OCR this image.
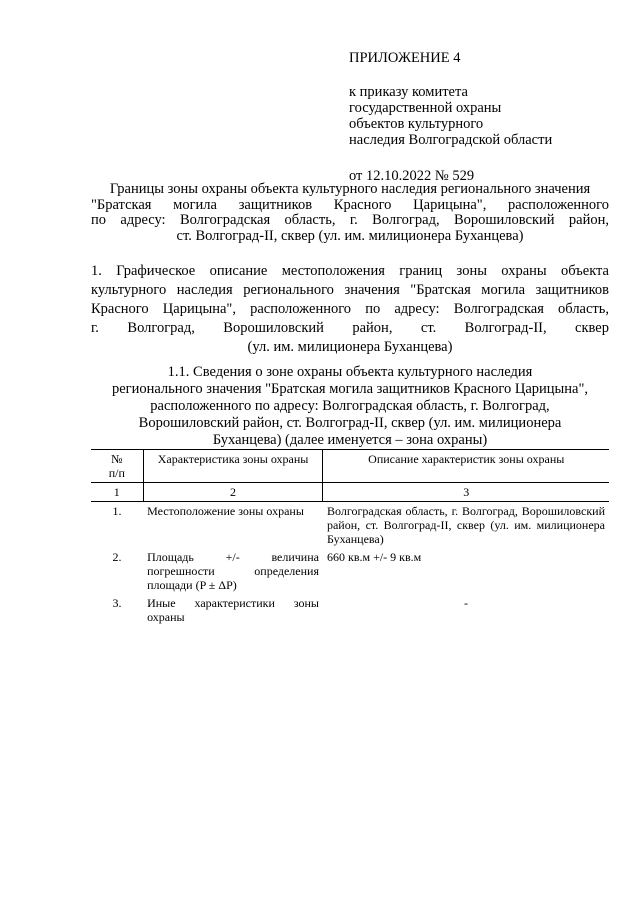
ПРИЛОЖЕНИЕ 4

к приказу комитета
государственной охраны
объектов культурного
наследия Волгоградской области

от 12.10.2022 № 529

Границы зоны охраны объекта культурного наследия регионального значения

"Братская могила защитников Красного Царицына", расположенного

по адресу: Волгоградская область, г. Волгоград, Ворошиловский район,

ст. Волгоград-II, сквер (ул. им. милиционера Буханцева)

1. Графическое описание местоположения границ зоны охраны объекта

культурного наследия регионального значения "Братская могила защитников

Красного Царицына", расположенного по адресу: Волгоградская область,

г. Волгоград, Ворошиловский район, ст. Волгоград-II, сквер

(ул. им. милиционера Буханцева)

1.1. Сведения о зоне охраны объекта культурного наследия

регионального значения "Братская могила защитников Красного Царицына",

расположенного по адресу: Волгоградская область, г. Волгоград,

Ворошиловский район, ст. Волгоград-II, сквер (ул. им. милиционера

Буханцева) (далее именуется – зона охраны)

№
п/п	Характеристика зоны охраны	Описание характеристик зоны охраны
1	2	3
1.	Местоположение зоны охраны	Волгоградская область, г. Волгоград, Ворошиловский район, ст. Волгоград-II, сквер (ул. им. милиционера Буханцева)
2.	Площадь +/- величина погрешности определения площади (P ± ΔP)	660 кв.м +/- 9 кв.м
3.	Иные характеристики зоны охраны	-
